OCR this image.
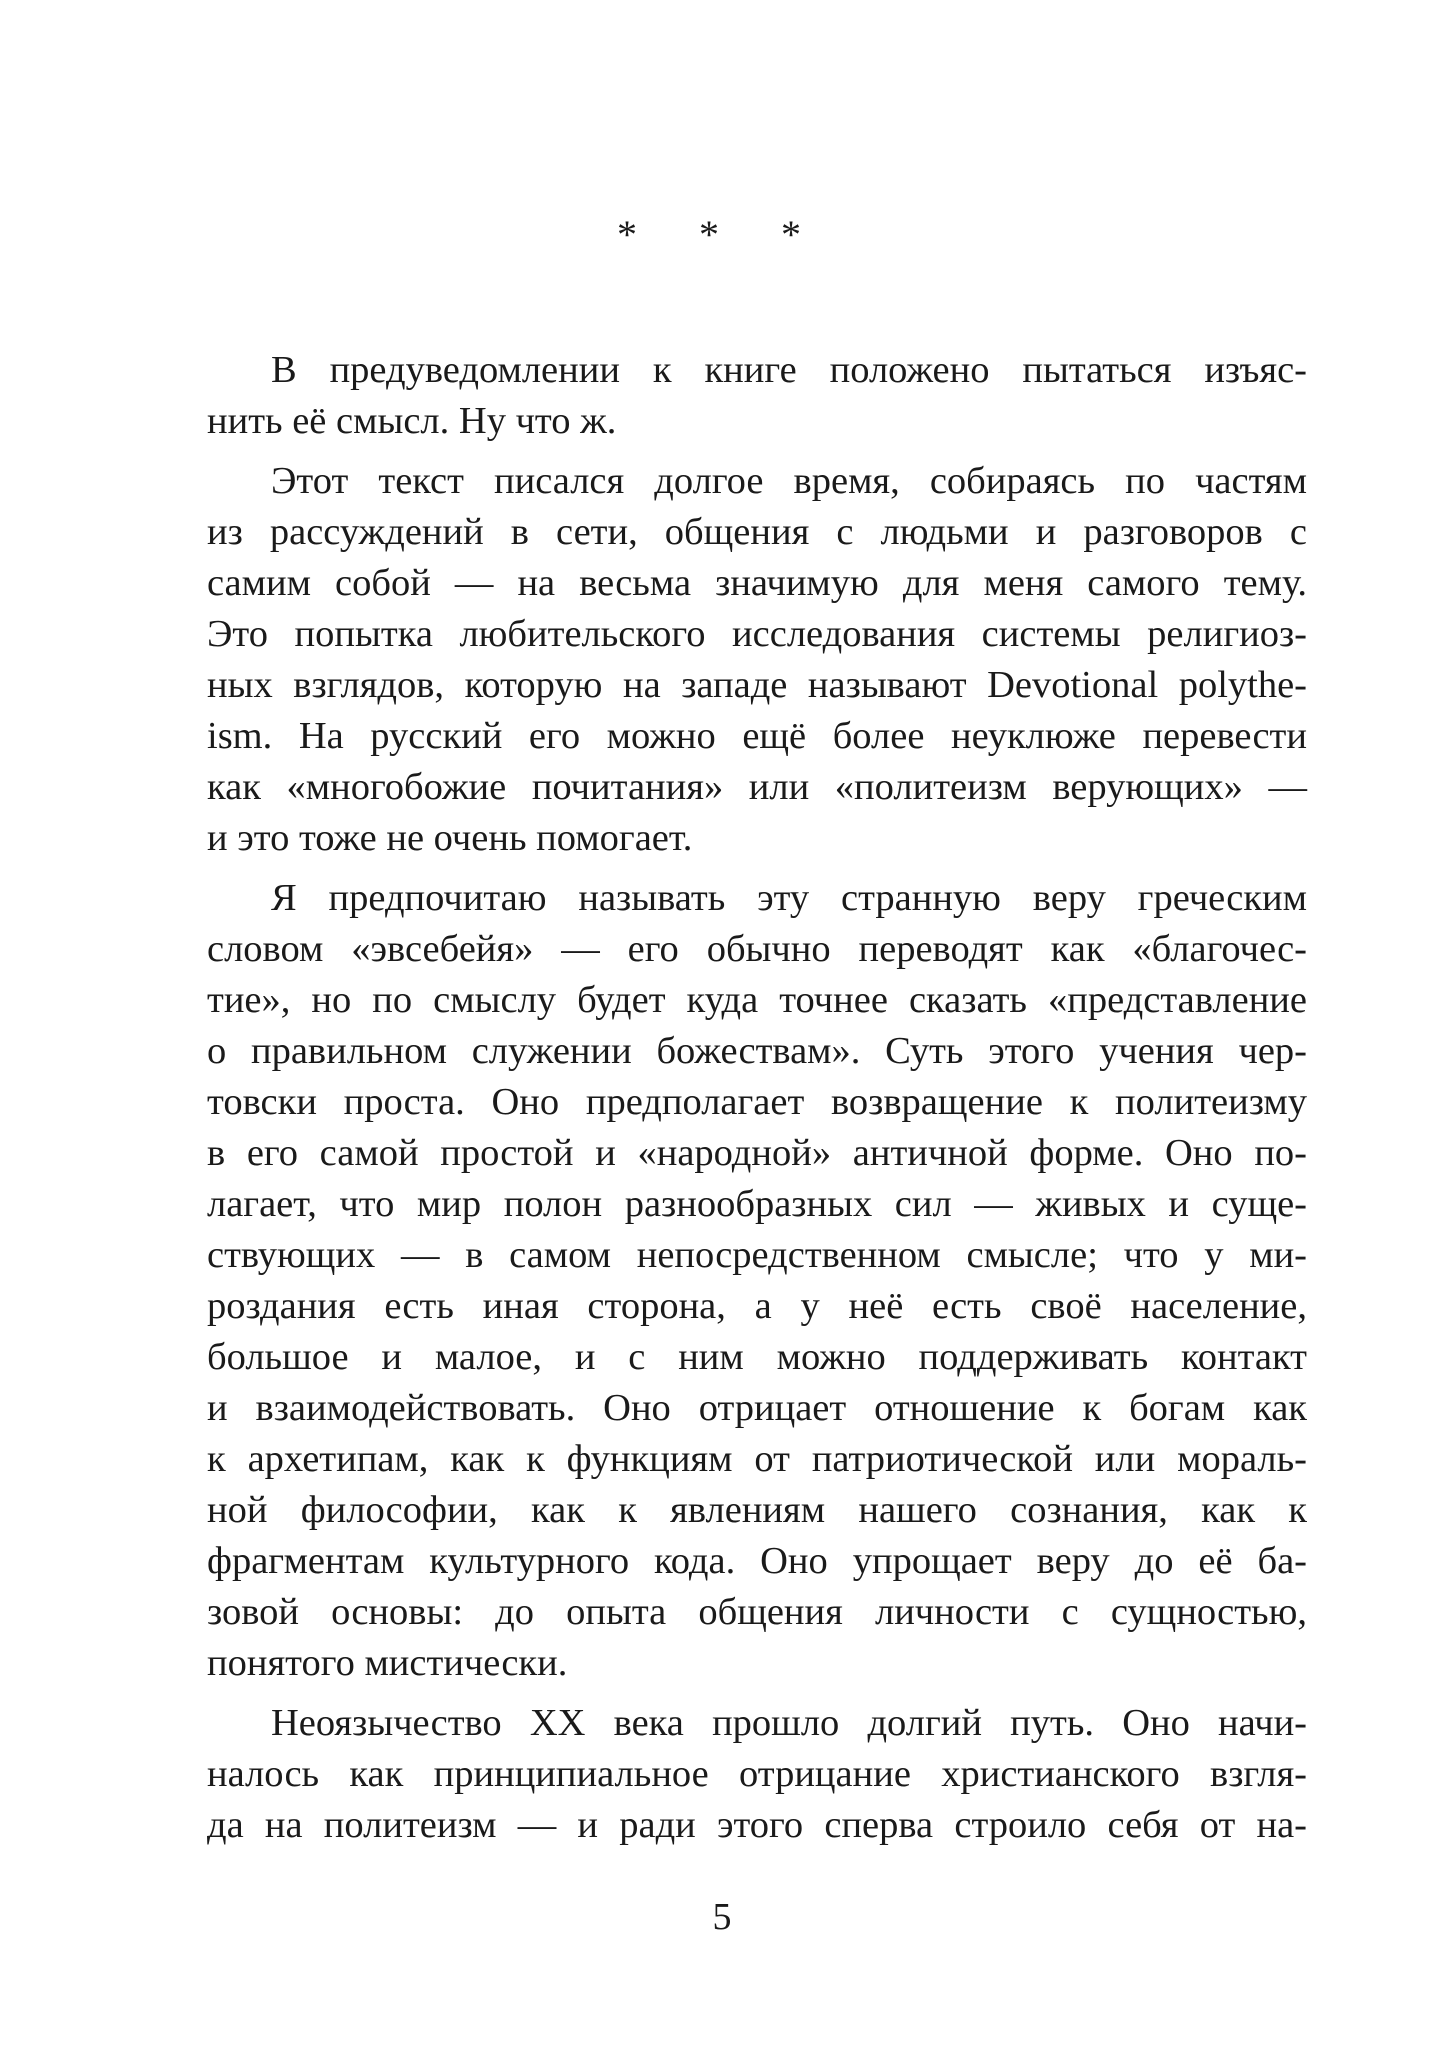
* * *
В предуведомлении к книге положено пытаться изъяс-
нить её смысл. Ну что ж.
Этот текст писался долгое время, собираясь по частям
из рассуждений в сети, общения с людьми и разговоров с
самим собой — на весьма значимую для меня самого тему.
Это попытка любительского исследования системы религиоз-
ных взглядов, которую на западе называют Devotional polythe-
ism. На русский его можно ещё более неуклюже перевести
как «многобожие почитания» или «политеизм верующих» —
и это тоже не очень помогает.
Я предпочитаю называть эту странную веру греческим
словом «эвсебейя» — его обычно переводят как «благочес-
тие», но по смыслу будет куда точнее сказать «представление
о правильном служении божествам». Суть этого учения чер-
товски проста. Оно предполагает возвращение к политеизму
в его самой простой и «народной» античной форме. Оно по-
лагает, что мир полон разнообразных сил — живых и суще-
ствующих — в самом непосредственном смысле; что у ми-
роздания есть иная сторона, а у неё есть своё население,
большое и малое, и с ним можно поддерживать контакт
и взаимодействовать. Оно отрицает отношение к богам как
к архетипам, как к функциям от патриотической или мораль-
ной философии, как к явлениям нашего сознания, как к
фрагментам культурного кода. Оно упрощает веру до её ба-
зовой основы: до опыта общения личности с сущностью,
понятого мистически.
Неоязычество XX века прошло долгий путь. Оно начи-
налось как принципиальное отрицание христианского взгля-
да на политеизм — и ради этого сперва строило себя от на-
5
